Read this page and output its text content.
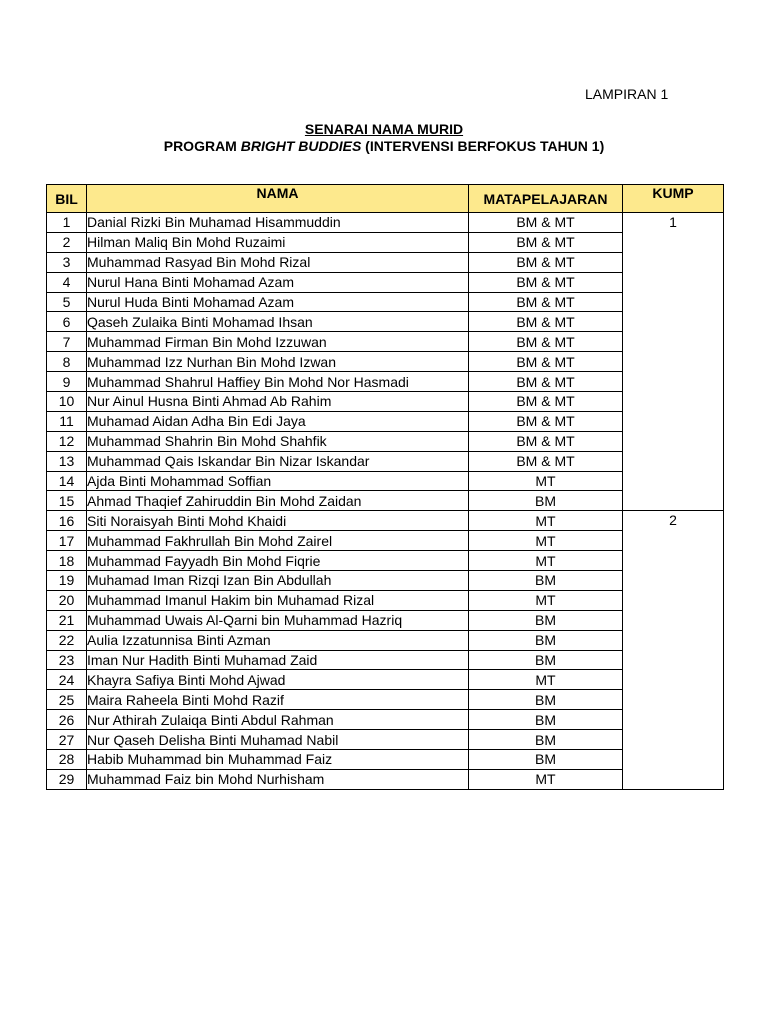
LAMPIRAN 1
SENARAI NAMA MURID
PROGRAM BRIGHT BUDDIES (INTERVENSI BERFOKUS TAHUN 1)
BIL	NAMA	MATAPELAJARAN	KUMP
1	Danial Rizki Bin Muhamad Hisammuddin	BM & MT	1
2	Hilman Maliq Bin Mohd Ruzaimi	BM & MT	
3	Muhammad Rasyad Bin Mohd Rizal	BM & MT	
4	Nurul Hana Binti Mohamad Azam	BM & MT	
5	Nurul Huda Binti Mohamad Azam	BM & MT	
6	Qaseh Zulaika Binti Mohamad Ihsan	BM & MT	
7	Muhammad Firman Bin Mohd Izzuwan	BM & MT	
8	Muhammad Izz Nurhan Bin Mohd Izwan	BM & MT	
9	Muhammad Shahrul Haffiey Bin Mohd Nor Hasmadi	BM & MT	
10	Nur Ainul Husna Binti Ahmad Ab Rahim	BM & MT	
11	Muhamad Aidan Adha Bin Edi Jaya	BM & MT	
12	Muhammad Shahrin Bin Mohd Shahfik	BM & MT	
13	Muhammad Qais Iskandar Bin Nizar Iskandar	BM & MT	
14	Ajda Binti Mohammad Soffian	MT	
15	Ahmad Thaqief Zahiruddin Bin Mohd Zaidan	BM	
16	Siti Noraisyah Binti Mohd Khaidi	MT	2
17	Muhammad Fakhrullah Bin Mohd Zairel	MT	
18	Muhammad Fayyadh Bin Mohd Fiqrie	MT	
19	Muhamad Iman Rizqi Izan Bin Abdullah	BM	
20	Muhammad Imanul Hakim bin Muhamad Rizal	MT	
21	Muhammad Uwais Al-Qarni bin Muhammad Hazriq	BM	
22	Aulia Izzatunnisa Binti Azman	BM	
23	Iman Nur Hadith Binti Muhamad Zaid	BM	
24	Khayra Safiya Binti Mohd Ajwad	MT	
25	Maira Raheela Binti Mohd Razif	BM	
26	Nur Athirah Zulaiqa Binti Abdul Rahman	BM	
27	Nur Qaseh Delisha Binti Muhamad Nabil	BM	
28	Habib Muhammad bin Muhammad Faiz	BM	
29	Muhammad Faiz bin Mohd Nurhisham	MT	
